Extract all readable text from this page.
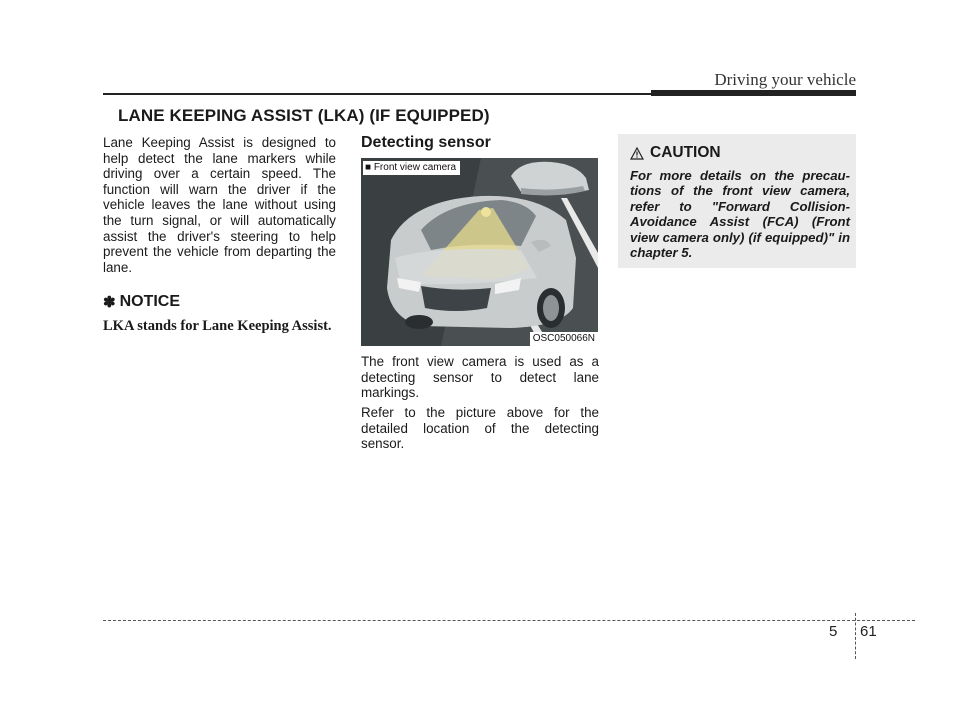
Driving your vehicle
LANE KEEPING ASSIST (LKA) (IF EQUIPPED)
Lane Keeping Assist is designed to help detect the lane markers while driving over a certain speed. The function will warn the driver if the vehicle leaves the lane without using the turn signal, or will automatically assist the driver's steering to help prevent the vehicle from departing the lane.
✽ NOTICE
LKA stands for Lane Keeping Assist.
Detecting sensor
■ Front view camera
OSC050066N
The front view camera is used as a detecting sensor to detect lane markings.
Refer to the picture above for the detailed location of the detecting sensor.
CAUTION
For more details on the precau-tions of the front view camera, refer to "Forward Collision-Avoidance Assist (FCA) (Front view camera only) (if equipped)" in chapter 5.
5 61
